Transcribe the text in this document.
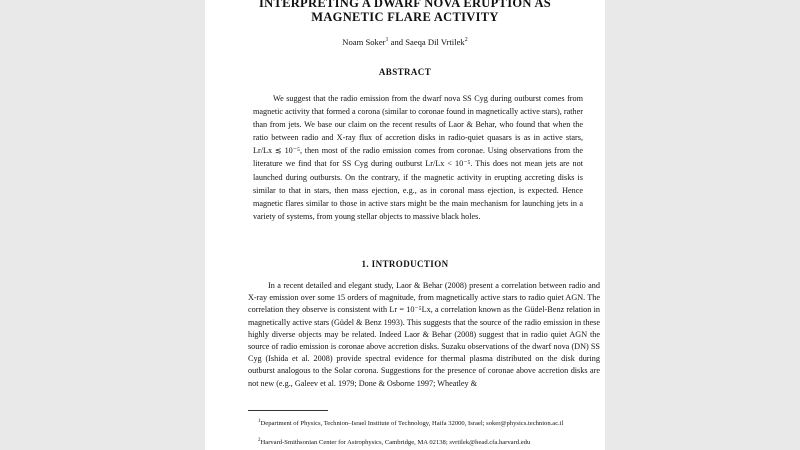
INTERPRETING A DWARF NOVA ERUPTION AS
MAGNETIC FLARE ACTIVITY
Noam Soker$^1$ and Saeqa Dil Vrtilek$^2$
ABSTRACT
We suggest that the radio emission from the dwarf nova SS Cyg during outburst comes from magnetic activity that formed a corona (similar to coronae found in magnetically active stars), rather than from jets. We base our claim on the recent results of Laor & Behar, who found that when the ratio between radio and X-ray flux of accretion disks in radio-quiet quasars is as in active stars, Lr/Lx ≲ 10⁻⁵, then most of the radio emission comes from coronae. Using observations from the literature we find that for SS Cyg during outburst Lr/Lx < 10⁻⁵. This does not mean jets are not launched during outbursts. On the contrary, if the magnetic activity in erupting accreting disks is similar to that in stars, then mass ejection, e.g., as in coronal mass ejection, is expected. Hence magnetic flares similar to those in active stars might be the main mechanism for launching jets in a variety of systems, from young stellar objects to massive black holes.
1. INTRODUCTION
In a recent detailed and elegant study, Laor & Behar (2008) present a correlation between radio and X-ray emission over some 15 orders of magnitude, from magnetically active stars to radio quiet AGN. The correlation they observe is consistent with Lr = 10⁻⁵Lx, a correlation known as the Güdel-Benz relation in magnetically active stars (Güdel & Benz 1993). This suggests that the source of the radio emission in these highly diverse objects may be related. Indeed Laor & Behar (2008) suggest that in radio quiet AGN the source of radio emission is coronae above accretion disks. Suzaku observations of the dwarf nova (DN) SS Cyg (Ishida et al. 2008) provide spectral evidence for thermal plasma distributed on the disk during outburst analogous to the Solar corona. Suggestions for the presence of coronae above accretion disks are not new (e.g., Galeev et al. 1979; Done & Osborne 1997; Wheatley &

$^1$Department of Physics, Technion–Israel Institute of Technology, Haifa 32000, Israel; soker@physics.technion.ac.il

$^2$Harvard-Smithsonian Center for Astrophysics, Cambridge, MA 02138; svrtilek@head.cfa.harvard.edu
